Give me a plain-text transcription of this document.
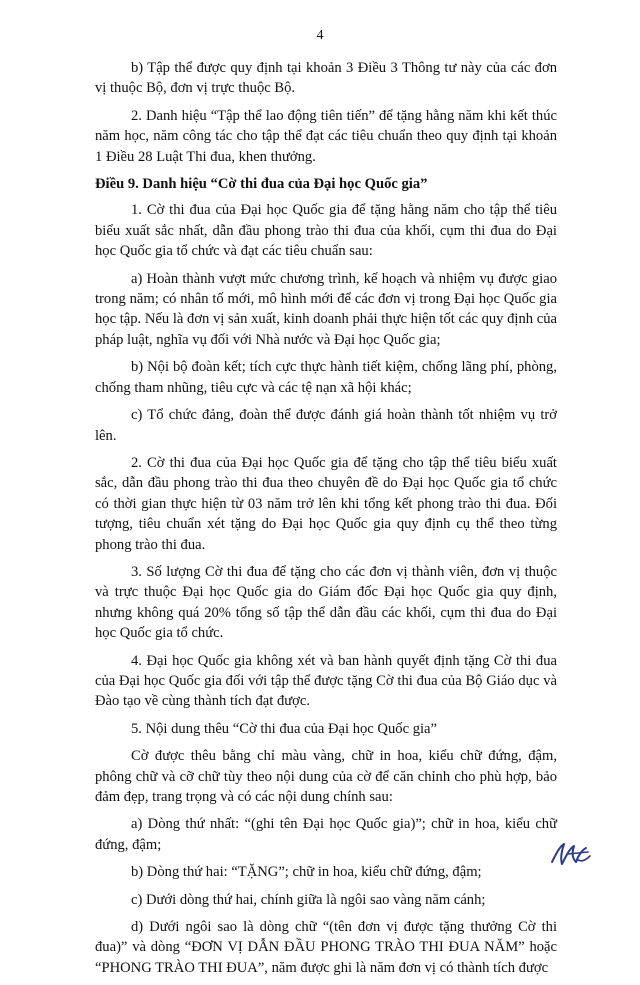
4

b) Tập thể được quy định tại khoản 3 Điều 3 Thông tư này của các đơn vị thuộc Bộ, đơn vị trực thuộc Bộ.

2. Danh hiệu “Tập thể lao động tiên tiến” để tặng hằng năm khi kết thúc năm học, năm công tác cho tập thể đạt các tiêu chuẩn theo quy định tại khoản 1 Điều 28 Luật Thi đua, khen thưởng.

Điều 9. Danh hiệu “Cờ thi đua của Đại học Quốc gia”

1. Cờ thi đua của Đại học Quốc gia để tặng hằng năm cho tập thể tiêu biểu xuất sắc nhất, dẫn đầu phong trào thi đua của khối, cụm thi đua do Đại học Quốc gia tổ chức và đạt các tiêu chuẩn sau:

a) Hoàn thành vượt mức chương trình, kế hoạch và nhiệm vụ được giao trong năm; có nhân tố mới, mô hình mới để các đơn vị trong Đại học Quốc gia học tập. Nếu là đơn vị sản xuất, kinh doanh phải thực hiện tốt các quy định của pháp luật, nghĩa vụ đối với Nhà nước và Đại học Quốc gia;

b) Nội bộ đoàn kết; tích cực thực hành tiết kiệm, chống lãng phí, phòng, chống tham nhũng, tiêu cực và các tệ nạn xã hội khác;

c) Tổ chức đảng, đoàn thể được đánh giá hoàn thành tốt nhiệm vụ trở lên.

2. Cờ thi đua của Đại học Quốc gia để tặng cho tập thể tiêu biểu xuất sắc, dẫn đầu phong trào thi đua theo chuyên đề do Đại học Quốc gia tổ chức có thời gian thực hiện từ 03 năm trở lên khi tổng kết phong trào thi đua. Đối tượng, tiêu chuẩn xét tặng do Đại học Quốc gia quy định cụ thể theo từng phong trào thi đua.

3. Số lượng Cờ thi đua để tặng cho các đơn vị thành viên, đơn vị thuộc và trực thuộc Đại học Quốc gia do Giám đốc Đại học Quốc gia quy định, nhưng không quá 20% tổng số tập thể dẫn đầu các khối, cụm thi đua do Đại học Quốc gia tổ chức.

4. Đại học Quốc gia không xét và ban hành quyết định tặng Cờ thi đua của Đại học Quốc gia đối với tập thể được tặng Cờ thi đua của Bộ Giáo dục và Đào tạo về cùng thành tích đạt được.

5. Nội dung thêu “Cờ thi đua của Đại học Quốc gia”

Cờ được thêu bằng chỉ màu vàng, chữ in hoa, kiểu chữ đứng, đậm, phông chữ và cỡ chữ tùy theo nội dung của cờ để căn chỉnh cho phù hợp, bảo đảm đẹp, trang trọng và có các nội dung chính sau:

a) Dòng thứ nhất: “(ghi tên Đại học Quốc gia)”; chữ in hoa, kiểu chữ đứng, đậm;

b) Dòng thứ hai: “TẶNG”; chữ in hoa, kiểu chữ đứng, đậm;

c) Dưới dòng thứ hai, chính giữa là ngôi sao vàng năm cánh;

d) Dưới ngôi sao là dòng chữ “(tên đơn vị được tặng thưởng Cờ thi đua)” và dòng “ĐƠN VỊ DẪN ĐẦU PHONG TRÀO THI ĐUA NĂM” hoặc “PHONG TRÀO THI ĐUA”, năm được ghi là năm đơn vị có thành tích được
